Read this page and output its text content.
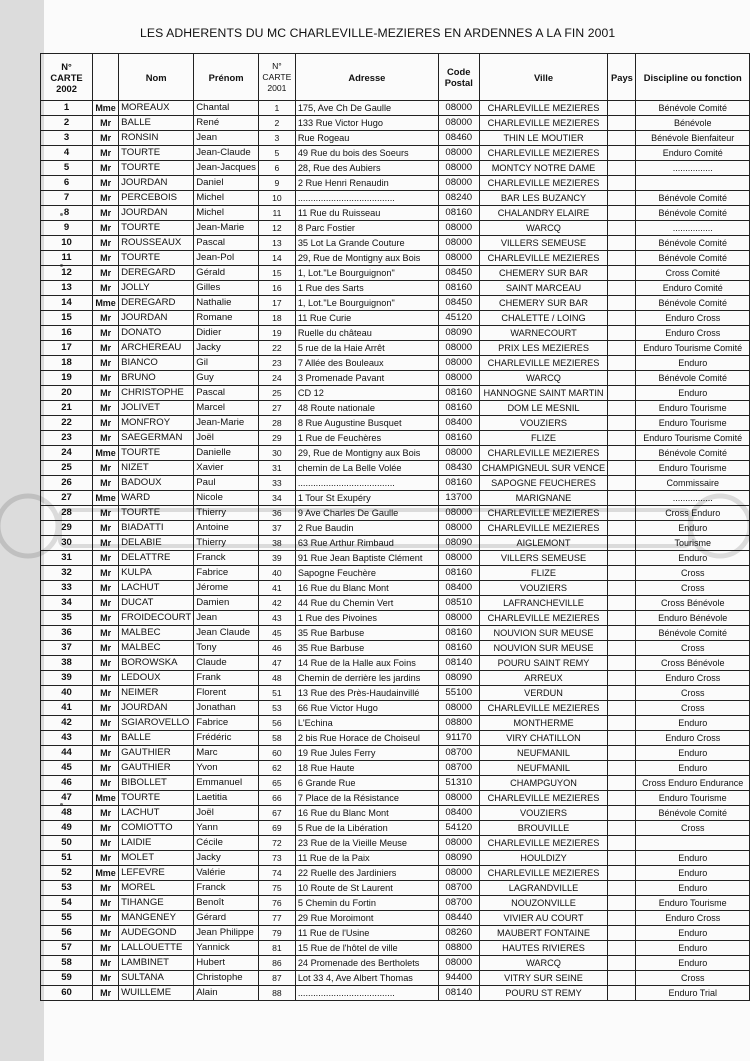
LES ADHERENTS DU MC CHARLEVILLE-MEZIERES EN ARDENNES A LA FIN 2001
N°
CARTE
2002		Nom	Prénom	N°
CARTE
2001	Adresse	Code
Postal	Ville	Pays	Discipline ou fonction
1	Mme	MOREAUX	Chantal	1	175, Ave Ch De Gaulle	08000	CHARLEVILLE MEZIERES		Bénévole Comité
2	Mr	BALLE	René	2	133 Rue Victor Hugo	08000	CHARLEVILLE MEZIERES		Bénévole
3	Mr	RONSIN	Jean	3	Rue Rogeau	08460	THIN LE MOUTIER		Bénévole Bienfaiteur
4	Mr	TOURTE	Jean-Claude	5	49 Rue du bois des Soeurs	08000	CHARLEVILLE MEZIERES		Enduro Comité
5	Mr	TOURTE	Jean-Jacques	6	28, Rue des Aubiers	08000	MONTCY NOTRE DAME		................
6	Mr	JOURDAN	Daniel	9	2 Rue Henri Renaudin	08000	CHARLEVILLE MEZIERES		
7	Mr	PERCEBOIS	Michel	10	......................................	08240	BAR LES BUZANCY		Bénévole Comité
8	Mr	JOURDAN	Michel	11	11 Rue du Ruisseau	08160	CHALANDRY ELAIRE		Bénévole Comité
9	Mr	TOURTE	Jean-Marie	12	8 Parc Fostier	08000	WARCQ		................
10	Mr	ROUSSEAUX	Pascal	13	35 Lot La Grande Couture	08000	VILLERS SEMEUSE		Bénévole Comité
11	Mr	TOURTE	Jean-Pol	14	29, Rue de Montigny aux Bois	08000	CHARLEVILLE MEZIERES		Bénévole Comité
12	Mr	DEREGARD	Gérald	15	1, Lot."Le Bourguignon"	08450	CHEMERY SUR BAR		Cross Comité
13	Mr	JOLLY	Gilles	16	1 Rue des Sarts	08160	SAINT MARCEAU		Enduro Comité
14	Mme	DEREGARD	Nathalie	17	1, Lot."Le Bourguignon"	08450	CHEMERY SUR BAR		Bénévole Comité
15	Mr	JOURDAN	Romane	18	11 Rue Curie	45120	CHALETTE / LOING		Enduro Cross
16	Mr	DONATO	Didier	19	Ruelle du château	08090	WARNECOURT		Enduro Cross
17	Mr	ARCHEREAU	Jacky	22	5 rue de la Haie Arrêt	08000	PRIX LES MEZIERES		Enduro Tourisme Comité
18	Mr	BIANCO	Gil	23	7 Allée des Bouleaux	08000	CHARLEVILLE MEZIERES		Enduro
19	Mr	BRUNO	Guy	24	3 Promenade Pavant	08000	WARCQ		Bénévole Comité
20	Mr	CHRISTOPHE	Pascal	25	CD 12	08160	HANNOGNE SAINT MARTIN		Enduro
21	Mr	JOLIVET	Marcel	27	48 Route nationale	08160	DOM LE MESNIL		Enduro Tourisme
22	Mr	MONFROY	Jean-Marie	28	8 Rue Augustine Busquet	08400	VOUZIERS		Enduro Tourisme
23	Mr	SAEGERMAN	Joël	29	1 Rue de Feuchères	08160	FLIZE		Enduro Tourisme Comité
24	Mme	TOURTE	Danielle	30	29, Rue de Montigny aux Bois	08000	CHARLEVILLE MEZIERES		Bénévole Comité
25	Mr	NIZET	Xavier	31	chemin de La Belle Volée	08430	CHAMPIGNEUL SUR VENCE		Enduro Tourisme
26	Mr	BADOUX	Paul	33	......................................	08160	SAPOGNE FEUCHERES		Commissaire
27	Mme	WARD	Nicole	34	1 Tour St Exupéry	13700	MARIGNANE		................
28	Mr	TOURTE	Thierry	36	9 Ave Charles De Gaulle	08000	CHARLEVILLE MEZIERES		Cross Enduro
29	Mr	BIADATTI	Antoine	37	2 Rue Baudin	08000	CHARLEVILLE MEZIERES		Enduro
30	Mr	DELABIE	Thierry	38	63 Rue Arthur Rimbaud	08090	AIGLEMONT		Tourisme
31	Mr	DELATTRE	Franck	39	91 Rue Jean Baptiste Clément	08000	VILLERS SEMEUSE		Enduro
32	Mr	KULPA	Fabrice	40	Sapogne Feuchère	08160	FLIZE		Cross
33	Mr	LACHUT	Jérome	41	16 Rue du Blanc Mont	08400	VOUZIERS		Cross
34	Mr	DUCAT	Damien	42	44 Rue du Chemin Vert	08510	LAFRANCHEVILLE		Cross Bénévole
35	Mr	FROIDECOURT	Jean	43	1 Rue des Pivoines	08000	CHARLEVILLE MEZIERES		Enduro Bénévole
36	Mr	MALBEC	Jean Claude	45	35 Rue Barbuse	08160	NOUVION SUR MEUSE		Bénévole Comité
37	Mr	MALBEC	Tony	46	35 Rue Barbuse	08160	NOUVION SUR MEUSE		Cross
38	Mr	BOROWSKA	Claude	47	14 Rue de la Halle aux Foins	08140	POURU SAINT REMY		Cross Bénévole
39	Mr	LEDOUX	Frank	48	Chemin de derrière les jardins	08090	ARREUX		Enduro Cross
40	Mr	NEIMER	Florent	51	13 Rue des Près-Haudainvillé	55100	VERDUN		Cross
41	Mr	JOURDAN	Jonathan	53	66 Rue Victor Hugo	08000	CHARLEVILLE MEZIERES		Cross
42	Mr	SGIAROVELLO	Fabrice	56	L'Echina	08800	MONTHERME		Enduro
43	Mr	BALLE	Frédéric	58	2 bis Rue Horace de Choiseul	91170	VIRY CHATILLON		Enduro Cross
44	Mr	GAUTHIER	Marc	60	19 Rue Jules Ferry	08700	NEUFMANIL		Enduro
45	Mr	GAUTHIER	Yvon	62	18 Rue Haute	08700	NEUFMANIL		Enduro
46	Mr	BIBOLLET	Emmanuel	65	6 Grande Rue	51310	CHAMPGUYON		Cross Enduro Endurance
47	Mme	TOURTE	Laetitia	66	7 Place de la Résistance	08000	CHARLEVILLE MEZIERES		Enduro Tourisme
48	Mr	LACHUT	Joël	67	16 Rue du Blanc Mont	08400	VOUZIERS		Bénévole Comité
49	Mr	COMIOTTO	Yann	69	5 Rue de la Libération	54120	BROUVILLE		Cross
50	Mr	LAIDIE	Cécile	72	23 Rue de la Vieille Meuse	08000	CHARLEVILLE MEZIERES		
51	Mr	MOLET	Jacky	73	11 Rue de la Paix	08090	HOULDIZY		Enduro
52	Mme	LEFEVRE	Valérie	74	22 Ruelle des Jardiniers	08000	CHARLEVILLE MEZIERES		Enduro
53	Mr	MOREL	Franck	75	10 Route de St Laurent	08700	LAGRANDVILLE		Enduro
54	Mr	TIHANGE	Benoît	76	5 Chemin du Fortin	08700	NOUZONVILLE		Enduro Tourisme
55	Mr	MANGENEY	Gérard	77	29 Rue Moroimont	08440	VIVIER AU COURT		Enduro Cross
56	Mr	AUDEGOND	Jean Philippe	79	11 Rue de l'Usine	08260	MAUBERT FONTAINE		Enduro
57	Mr	LALLOUETTE	Yannick	81	15 Rue de l'hôtel de ville	08800	HAUTES RIVIERES		Enduro
58	Mr	LAMBINET	Hubert	86	24 Promenade des Bertholets	08000	WARCQ		Enduro
59	Mr	SULTANA	Christophe	87	Lot 33 4, Ave Albert Thomas	94400	VITRY SUR SEINE		Cross
60	Mr	WUILLEME	Alain	88	......................................	08140	POURU ST REMY		Enduro Trial
